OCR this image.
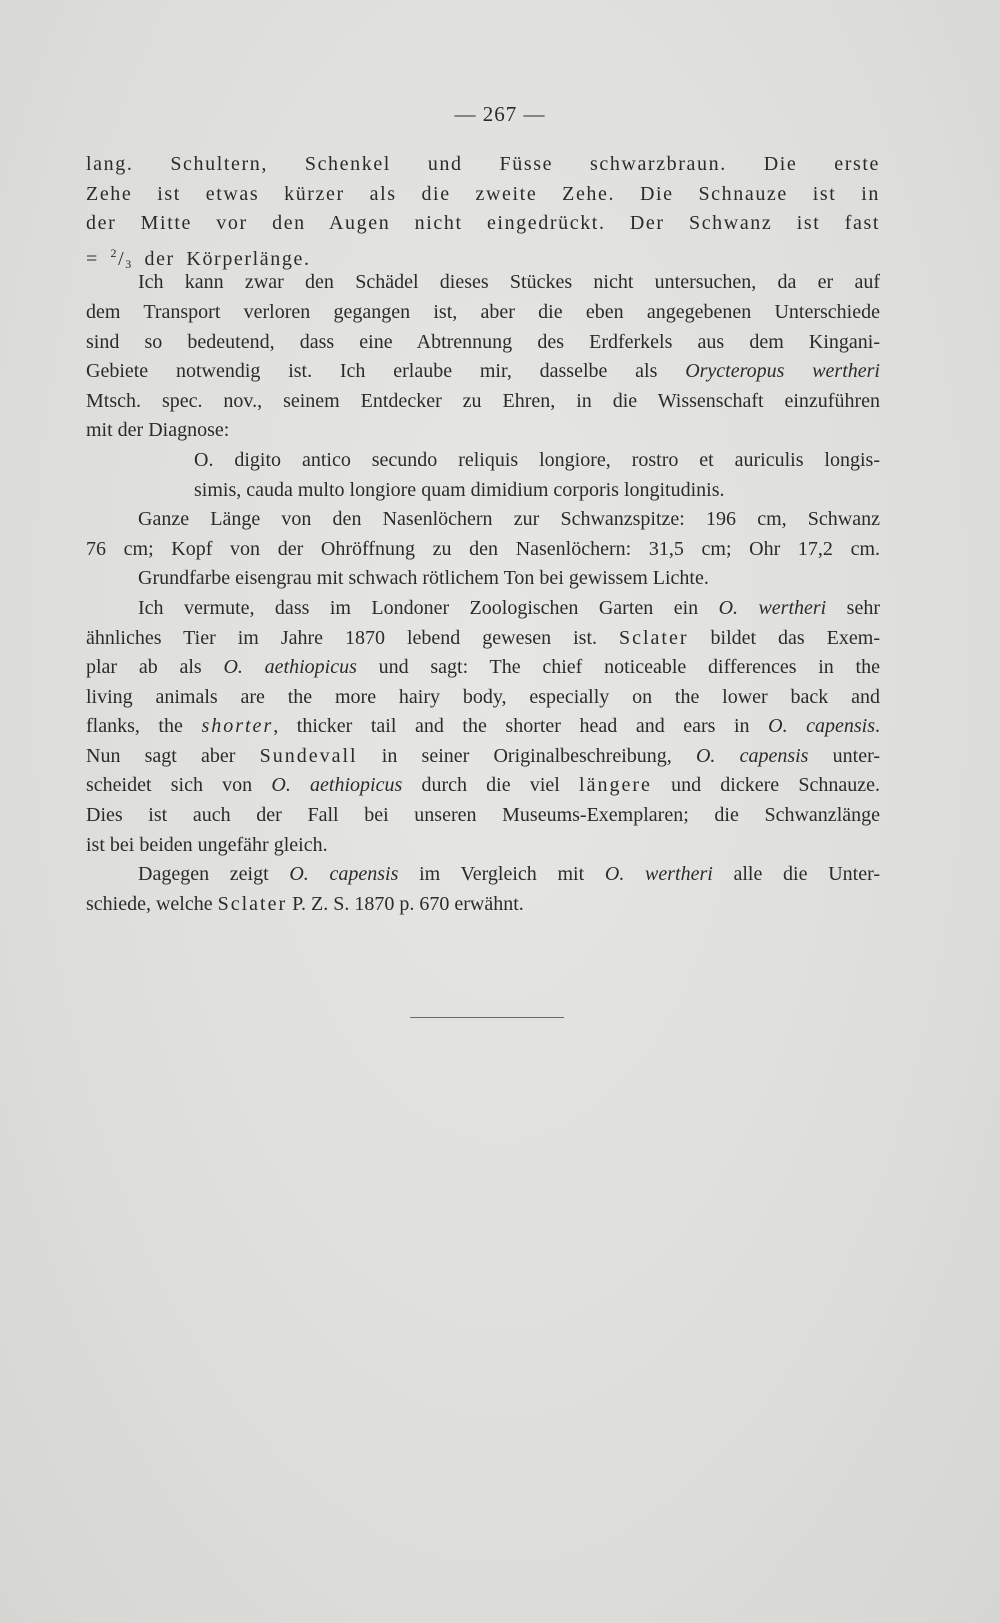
— 267 —
lang. Schultern, Schenkel und Füsse schwarzbraun. Die erste
Zehe ist etwas kürzer als die zweite Zehe. Die Schnauze ist in
der Mitte vor den Augen nicht eingedrückt. Der Schwanz ist fast
= $^2/_3$ der Körperlänge.
Ich kann zwar den Schädel dieses Stückes nicht untersuchen, da er auf
dem Transport verloren gegangen ist, aber die eben angegebenen Unterschiede
sind so bedeutend, dass eine Abtrennung des Erdferkels aus dem Kingani-
Gebiete notwendig ist. Ich erlaube mir, dasselbe als Orycteropus wertheri
Mtsch. spec. nov., seinem Entdecker zu Ehren, in die Wissenschaft einzuführen
mit der Diagnose:
O. digito antico secundo reliquis longiore, rostro et auriculis longis-
simis, cauda multo longiore quam dimidium corporis longitudinis.
Ganze Länge von den Nasenlöchern zur Schwanzspitze: 196 cm, Schwanz
76 cm; Kopf von der Ohröffnung zu den Nasenlöchern: 31,5 cm; Ohr 17,2 cm.
Grundfarbe eisengrau mit schwach rötlichem Ton bei gewissem Lichte.
Ich vermute, dass im Londoner Zoologischen Garten ein O. wertheri sehr
ähnliches Tier im Jahre 1870 lebend gewesen ist. Sclater bildet das Exem-
plar ab als O. aethiopicus und sagt: The chief noticeable differences in the
living animals are the more hairy body, especially on the lower back and
flanks, the shorter, thicker tail and the shorter head and ears in O. capensis.
Nun sagt aber Sundevall in seiner Originalbeschreibung, O. capensis unter-
scheidet sich von O. aethiopicus durch die viel längere und dickere Schnauze.
Dies ist auch der Fall bei unseren Museums-Exemplaren; die Schwanzlänge
ist bei beiden ungefähr gleich.
Dagegen zeigt O. capensis im Vergleich mit O. wertheri alle die Unter-
schiede, welche Sclater P. Z. S. 1870 p. 670 erwähnt.
